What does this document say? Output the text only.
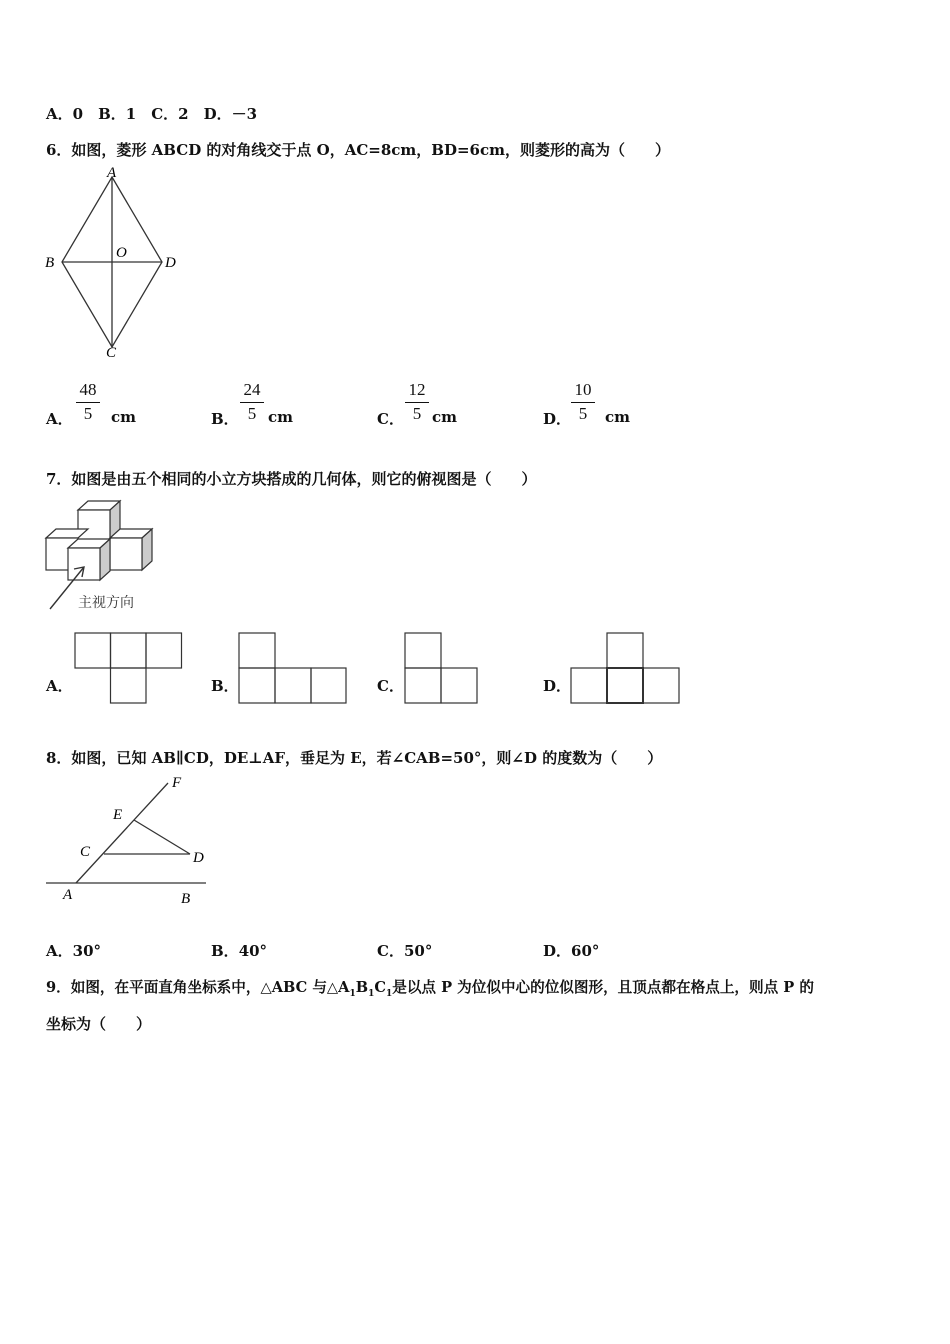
A．0　B．1　C．2　D．－3
6．如图，菱形 ABCD 的对角线交于点 O，AC=8cm，BD=6cm，则菱形的高为（　　）
A
B
O
D
C
A．
48
5	cm	B．
24
5 cm	C．
12
5 cm	D．
10
5	cm
7．如图是由五个相同的小立方块搭成的几何体，则它的俯视图是（　　）
主视方向
A．	B．	C．	D．
8．如图，已知 AB∥CD，DE⊥AF，垂足为 E，若∠CAB=50°，则∠D 的度数为（　　）
F
E
C	D
A	B
A．30°	B．40°	C．50°	D．60°
9．如图，在平面直角坐标系中，△ABC 与$\triangle A_1B_1C_1$是以点 P 为位似中心的位似图形，且顶点都在格点上，则点 P 的
坐标为（　　）
